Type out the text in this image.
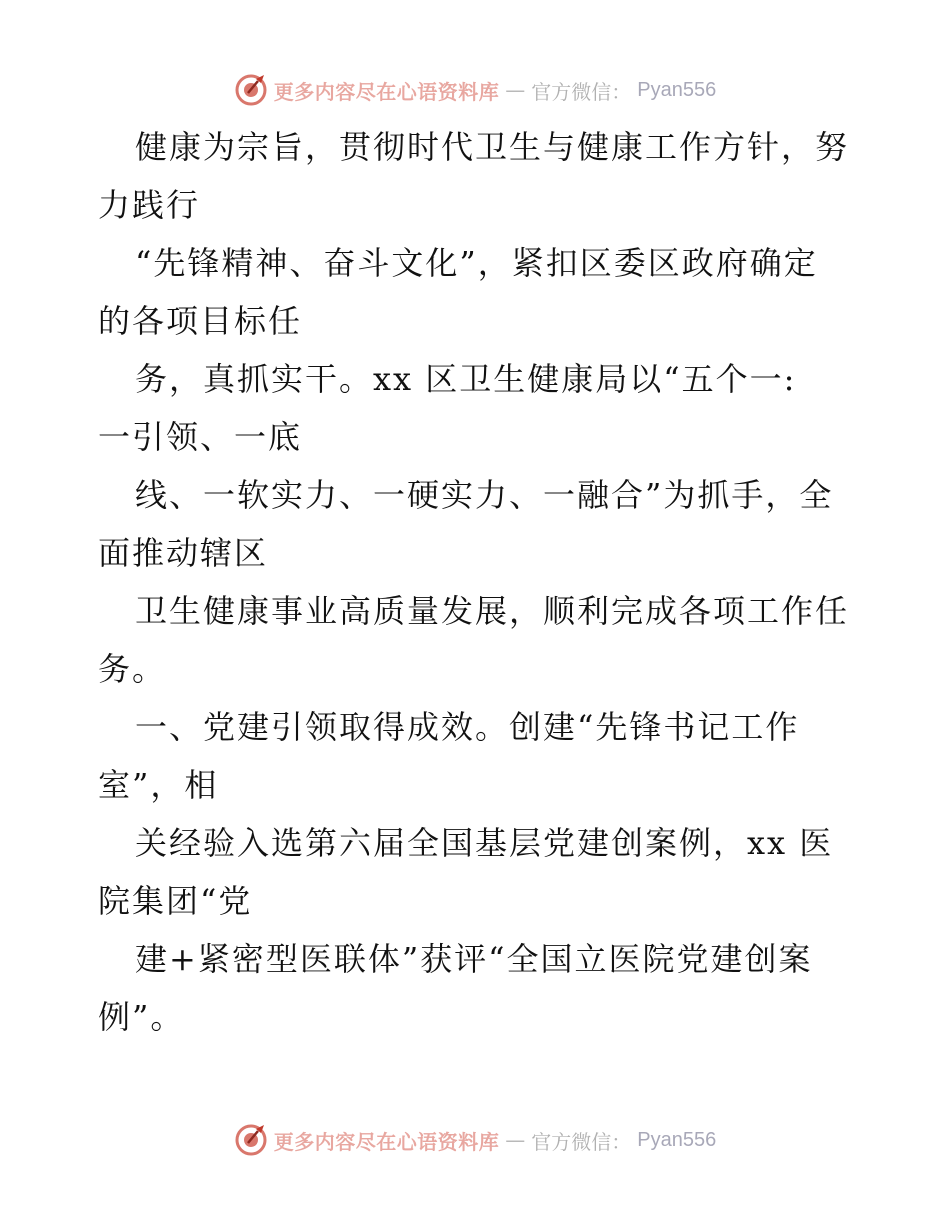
更多内容尽在心语资料库 — 官方微信： Pyan556
健康为宗旨，贯彻时代卫生与健康工作方针，努
力践行
“先锋精神、奋斗文化”，紧扣区委区政府确定
的各项目标任
务，真抓实干。xx 区卫生健康局以“五个一:
一引领、一底
线、一软实力、一硬实力、一融合”为抓手，全
面推动辖区
卫生健康事业高质量发展，顺利完成各项工作任
务。
一、党建引领取得成效。创建“先锋书记工作
室”，相
关经验入选第六届全国基层党建创案例，xx 医
院集团“党
建+紧密型医联体”获评“全国立医院党建创案
例”。
更多内容尽在心语资料库 — 官方微信： Pyan556
